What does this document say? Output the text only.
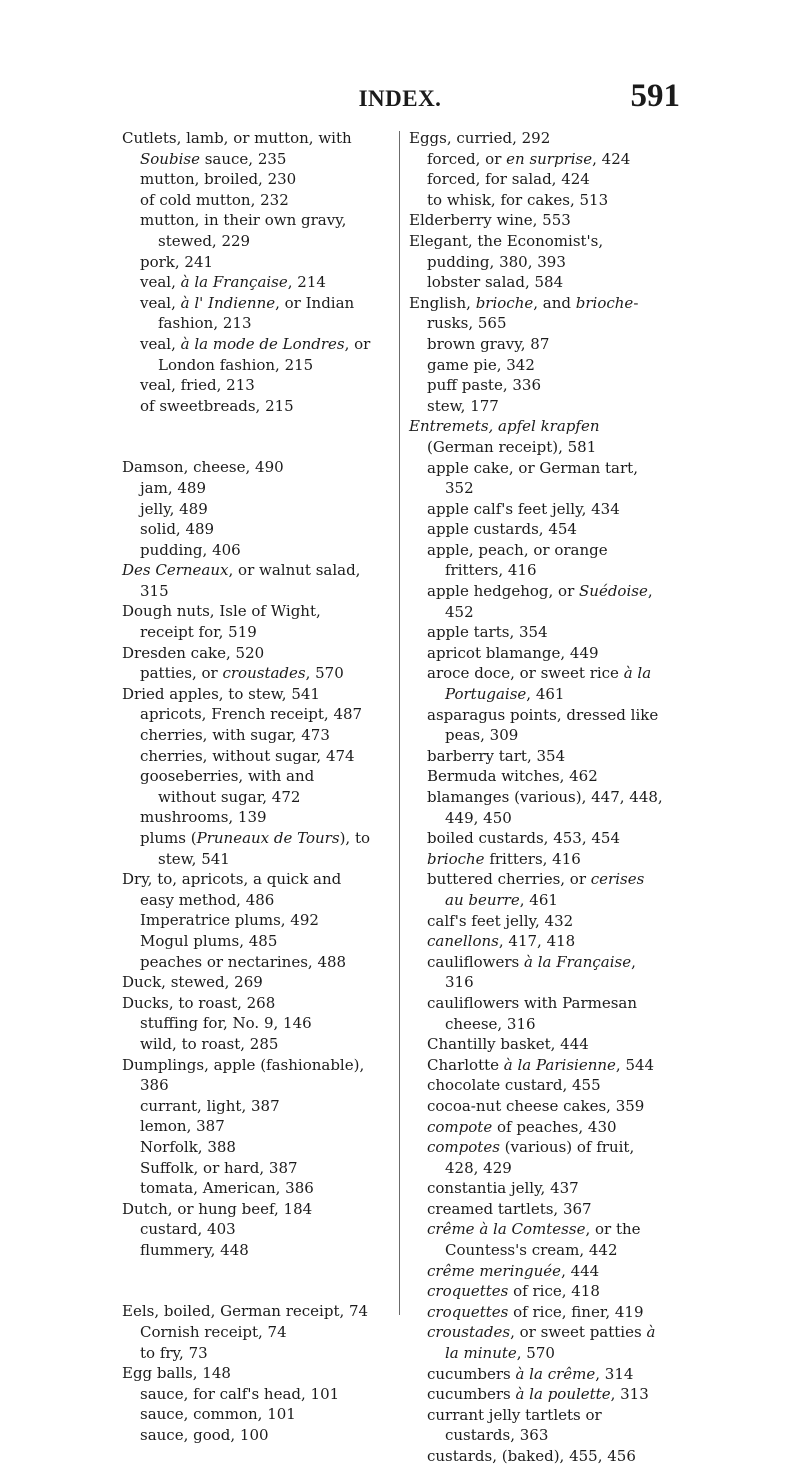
INDEX.	591

Cutlets, lamb, or mutton, with Soubise sauce, 235

mutton, broiled, 230

of cold mutton, 232

mutton, in their own gravy, stewed, 229

pork, 241

veal, à la Française, 214

veal, à l' Indienne, or Indian fashion, 213

veal, à la mode de Londres, or London fashion, 215

veal, fried, 213

of sweetbreads, 215

Damson, cheese, 490

jam, 489

jelly, 489

solid, 489

pudding, 406

Des Cerneaux, or walnut salad, 315

Dough nuts, Isle of Wight, receipt for, 519

Dresden cake, 520

patties, or croustades, 570

Dried apples, to stew, 541

apricots, French receipt, 487

cherries, with sugar, 473

cherries, without sugar, 474

gooseberries, with and without sugar, 472

mushrooms, 139

plums (Pruneaux de Tours), to stew, 541

Dry, to, apricots, a quick and easy method, 486

Imperatrice plums, 492

Mogul plums, 485

peaches or nectarines, 488

Duck, stewed, 269

Ducks, to roast, 268

stuffing for, No. 9, 146

wild, to roast, 285

Dumplings, apple (fashionable), 386

currant, light, 387

lemon, 387

Norfolk, 388

Suffolk, or hard, 387

tomata, American, 386

Dutch, or hung beef, 184

custard, 403

flummery, 448

Eels, boiled, German receipt, 74

Cornish receipt, 74

to fry, 73

Egg balls, 148

sauce, for calf's head, 101

sauce, common, 101

sauce, good, 100

Eggs, curried, 292

forced, or en surprise, 424

forced, for salad, 424

to whisk, for cakes, 513

Elderberry wine, 553

Elegant, the Economist's, pudding, 380, 393

lobster salad, 584

English, brioche, and brioche-rusks, 565

brown gravy, 87

game pie, 342

puff paste, 336

stew, 177

Entremets, apfel krapfen (German receipt), 581

apple cake, or German tart, 352

apple calf's feet jelly, 434

apple custards, 454

apple, peach, or orange fritters, 416

apple hedgehog, or Suédoise, 452

apple tarts, 354

apricot blamange, 449

aroce doce, or sweet rice à la Portugaise, 461

asparagus points, dressed like peas, 309

barberry tart, 354

Bermuda witches, 462

blamanges (various), 447, 448, 449, 450

boiled custards, 453, 454

brioche fritters, 416

buttered cherries, or cerises au beurre, 461

calf's feet jelly, 432

canellons, 417, 418

cauliflowers à la Française, 316

cauliflowers with Parmesan cheese, 316

Chantilly basket, 444

Charlotte à la Parisienne, 544

chocolate custard, 455

cocoa-nut cheese cakes, 359

compote of peaches, 430

compotes (various) of fruit, 428, 429

constantia jelly, 437

creamed tartlets, 367

crême à la Comtesse, or the Countess's cream, 442

crême meringuée, 444

croquettes of rice, 418

croquettes of rice, finer, 419

croustades, or sweet patties à la minute, 570

cucumbers à la crême, 314

cucumbers à la poulette, 313

currant jelly tartlets or custards, 363

custards, (baked), 455, 456
